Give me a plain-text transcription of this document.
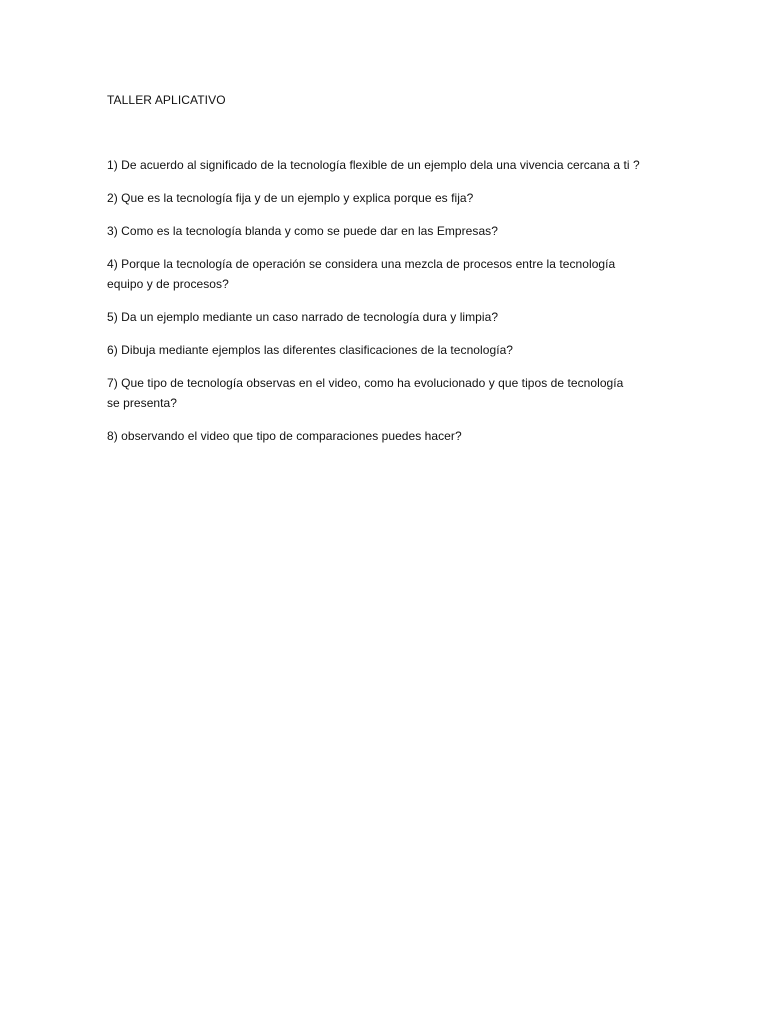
TALLER APLICATIVO
1) De acuerdo al significado de la tecnología flexible de un ejemplo dela una vivencia cercana a ti ?
2) Que es la tecnología fija y de un ejemplo y explica porque es fija?
3) Como es la tecnología blanda y como se puede dar en las Empresas?
4) Porque la tecnología de operación se considera una mezcla de procesos entre la tecnología
equipo y de procesos?
5) Da un ejemplo mediante un caso narrado de tecnología dura y limpia?
6) Dibuja mediante ejemplos las diferentes clasificaciones de la tecnología?
7) Que tipo de tecnología observas en el video, como ha evolucionado y que tipos de tecnología
se presenta?
8) observando el video que tipo de comparaciones puedes hacer?
